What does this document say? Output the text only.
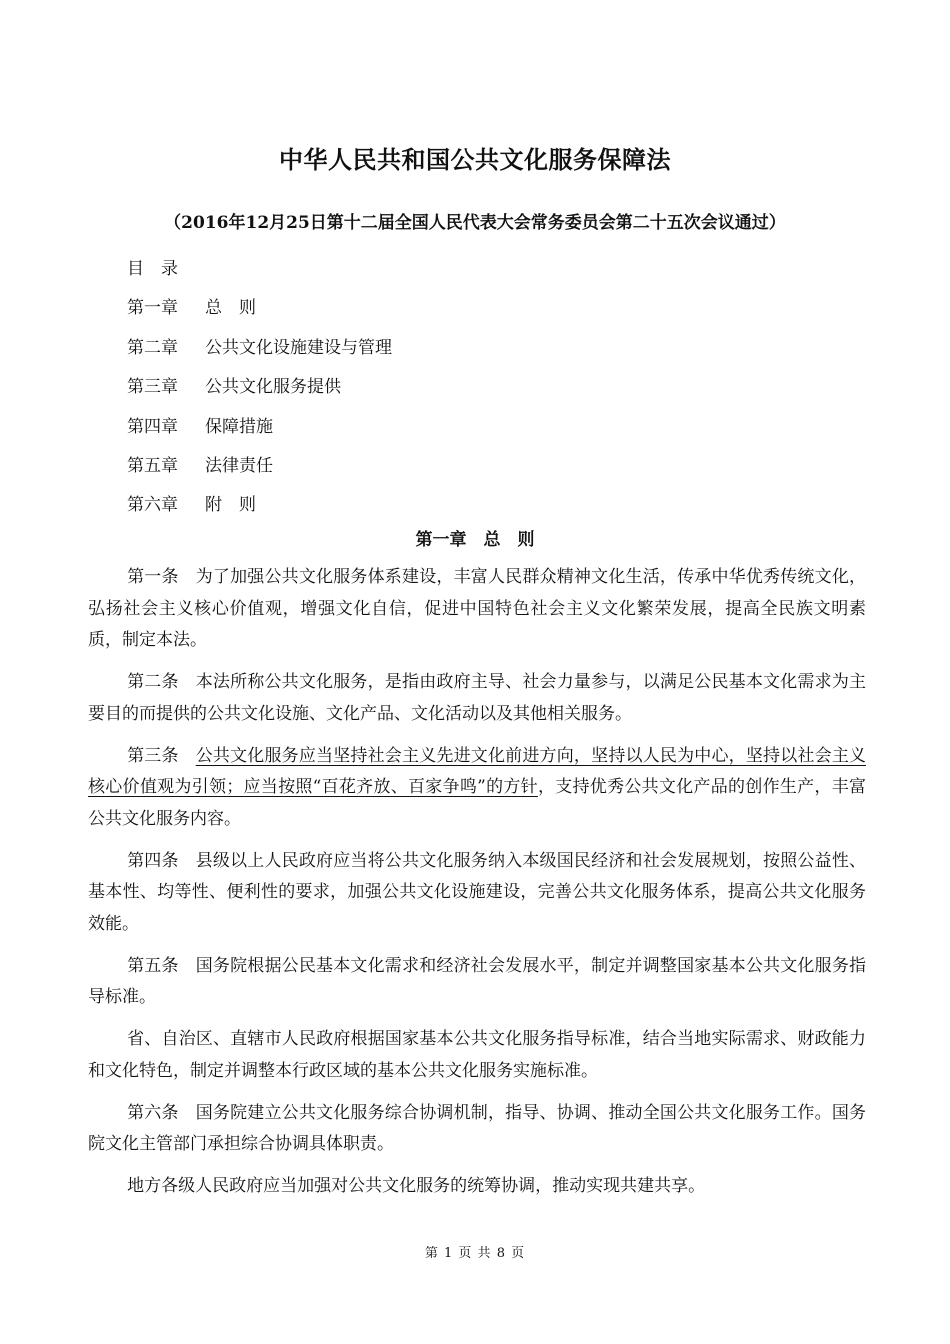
中华人民共和国公共文化服务保障法
（2016年12月25日第十二届全国人民代表大会常务委员会第二十五次会议通过）
目　录
第一章 总　则
第二章 公共文化设施建设与管理
第三章 公共文化服务提供
第四章 保障措施
第五章 法律责任
第六章 附　则
第一章　总　则

第一条 为了加强公共文化服务体系建设，丰富人民群众精神文化生活，传承中华优秀传统文化，弘扬社会主义核心价值观，增强文化自信，促进中国特色社会主义文化繁荣发展，提高全民族文明素质，制定本法。

第二条 本法所称公共文化服务，是指由政府主导、社会力量参与，以满足公民基本文化需求为主要目的而提供的公共文化设施、文化产品、文化活动以及其他相关服务。

第三条 公共文化服务应当坚持社会主义先进文化前进方向，坚持以人民为中心，坚持以社会主义核心价值观为引领；应当按照“百花齐放、百家争鸣”的方针，支持优秀公共文化产品的创作生产，丰富公共文化服务内容。

第四条 县级以上人民政府应当将公共文化服务纳入本级国民经济和社会发展规划，按照公益性、基本性、均等性、便利性的要求，加强公共文化设施建设，完善公共文化服务体系，提高公共文化服务效能。

第五条 国务院根据公民基本文化需求和经济社会发展水平，制定并调整国家基本公共文化服务指导标准。

省、自治区、直辖市人民政府根据国家基本公共文化服务指导标准，结合当地实际需求、财政能力和文化特色，制定并调整本行政区域的基本公共文化服务实施标准。

第六条 国务院建立公共文化服务综合协调机制，指导、协调、推动全国公共文化服务工作。国务院文化主管部门承担综合协调具体职责。

地方各级人民政府应当加强对公共文化服务的统筹协调，推动实现共建共享。

第 1 页 共 8 页
